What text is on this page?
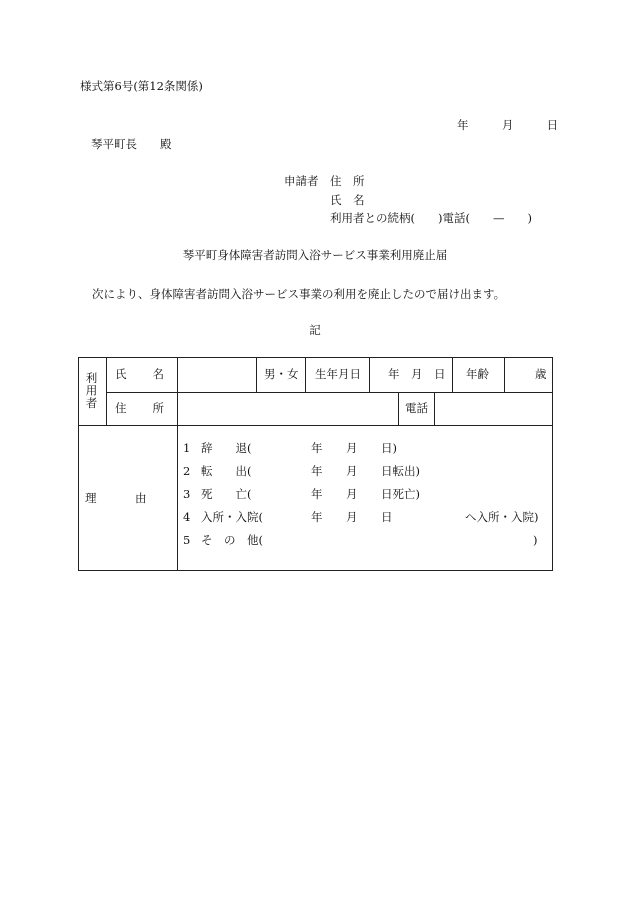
様式第6号(第12条関係)
年	月	日
琴平町長　　殿
申請者 住　所
氏　名
利用者との続柄(　　)電話(　　—　　)
琴平町身体障害者訪問入浴サービス事業利用廃止届
次により、身体障害者訪問入浴サービス事業の利用を廃止したので届け出ます。
記
利用者 氏　　名	男・女 生年月日 年　月　日 年齢	歳
住　　所	電話
理　　　由
1 辞　　退(	年 月 日)
2 転　　出(	年 月 日転出)
3 死　　亡(	年 月 日死亡)
4 入所・入院(	年 月 日	へ入所・入院)
5 そ　の　他(	)
